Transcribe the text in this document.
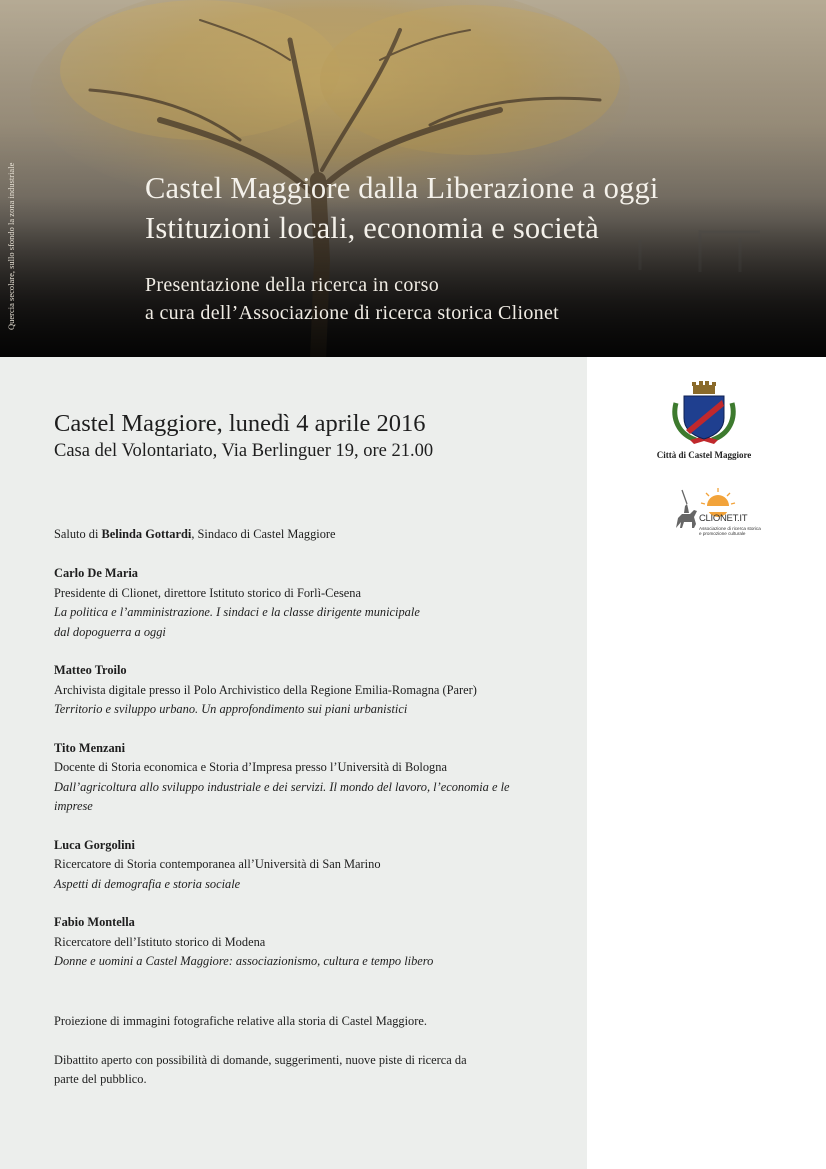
Quercia secolare, sullo sfondo la zona industriale	Castel Maggiore dalla Liberazione a oggi
Istituzioni locali, economia e società
Presentazione della ricerca in corso
a cura dell’Associazione di ricerca storica Clionet
Castel Maggiore, lunedì 4 aprile 2016
Casa del Volontariato, Via Berlinguer 19, ore 21.00
Saluto di Belinda Gottardi, Sindaco di Castel Maggiore
Carlo De Maria
Presidente di Clionet, direttore Istituto storico di Forlì-Cesena
La politica e l’amministrazione. I sindaci e la classe dirigente municipale
dal dopoguerra a oggi
Matteo Troilo
Archivista digitale presso il Polo Archivistico della Regione Emilia-Romagna (Parer)
Territorio e sviluppo urbano. Un approfondimento sui piani urbanistici
Tito Menzani
Docente di Storia economica e Storia d’Impresa presso l’Università di Bologna
Dall’agricoltura allo sviluppo industriale e dei servizi. Il mondo del lavoro, l’economia e le
imprese
Luca Gorgolini
Ricercatore di Storia contemporanea all’Università di San Marino
Aspetti di demografia e storia sociale
Fabio Montella
Ricercatore dell’Istituto storico di Modena
Donne e uomini a Castel Maggiore: associazionismo, cultura e tempo libero
Proiezione di immagini fotografiche relative alla storia di Castel Maggiore.
Dibattito aperto con possibilità di domande, suggerimenti, nuove piste di ricerca da
parte del pubblico.
Città di Castel Maggiore
CLIONET.IT
Associazione di ricerca storica
e promozione culturale
